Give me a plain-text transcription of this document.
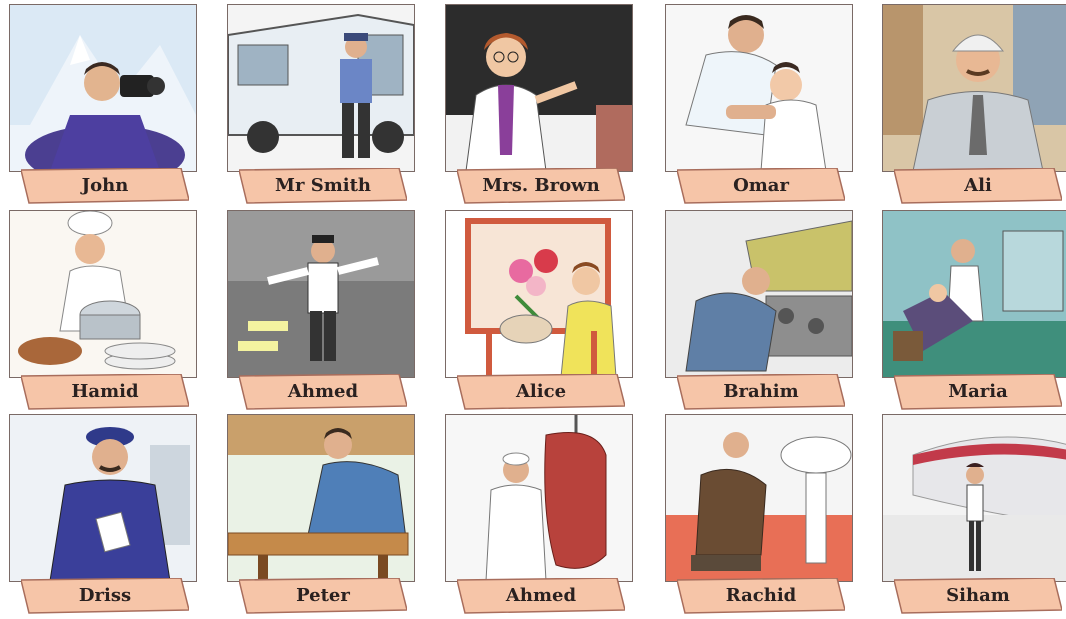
John	Mr Smith	Mrs. Brown	Omar	Ali
Hamid	Ahmed	Alice	Brahim	Maria
Driss	Peter	Ahmed	Rachid	Siham
